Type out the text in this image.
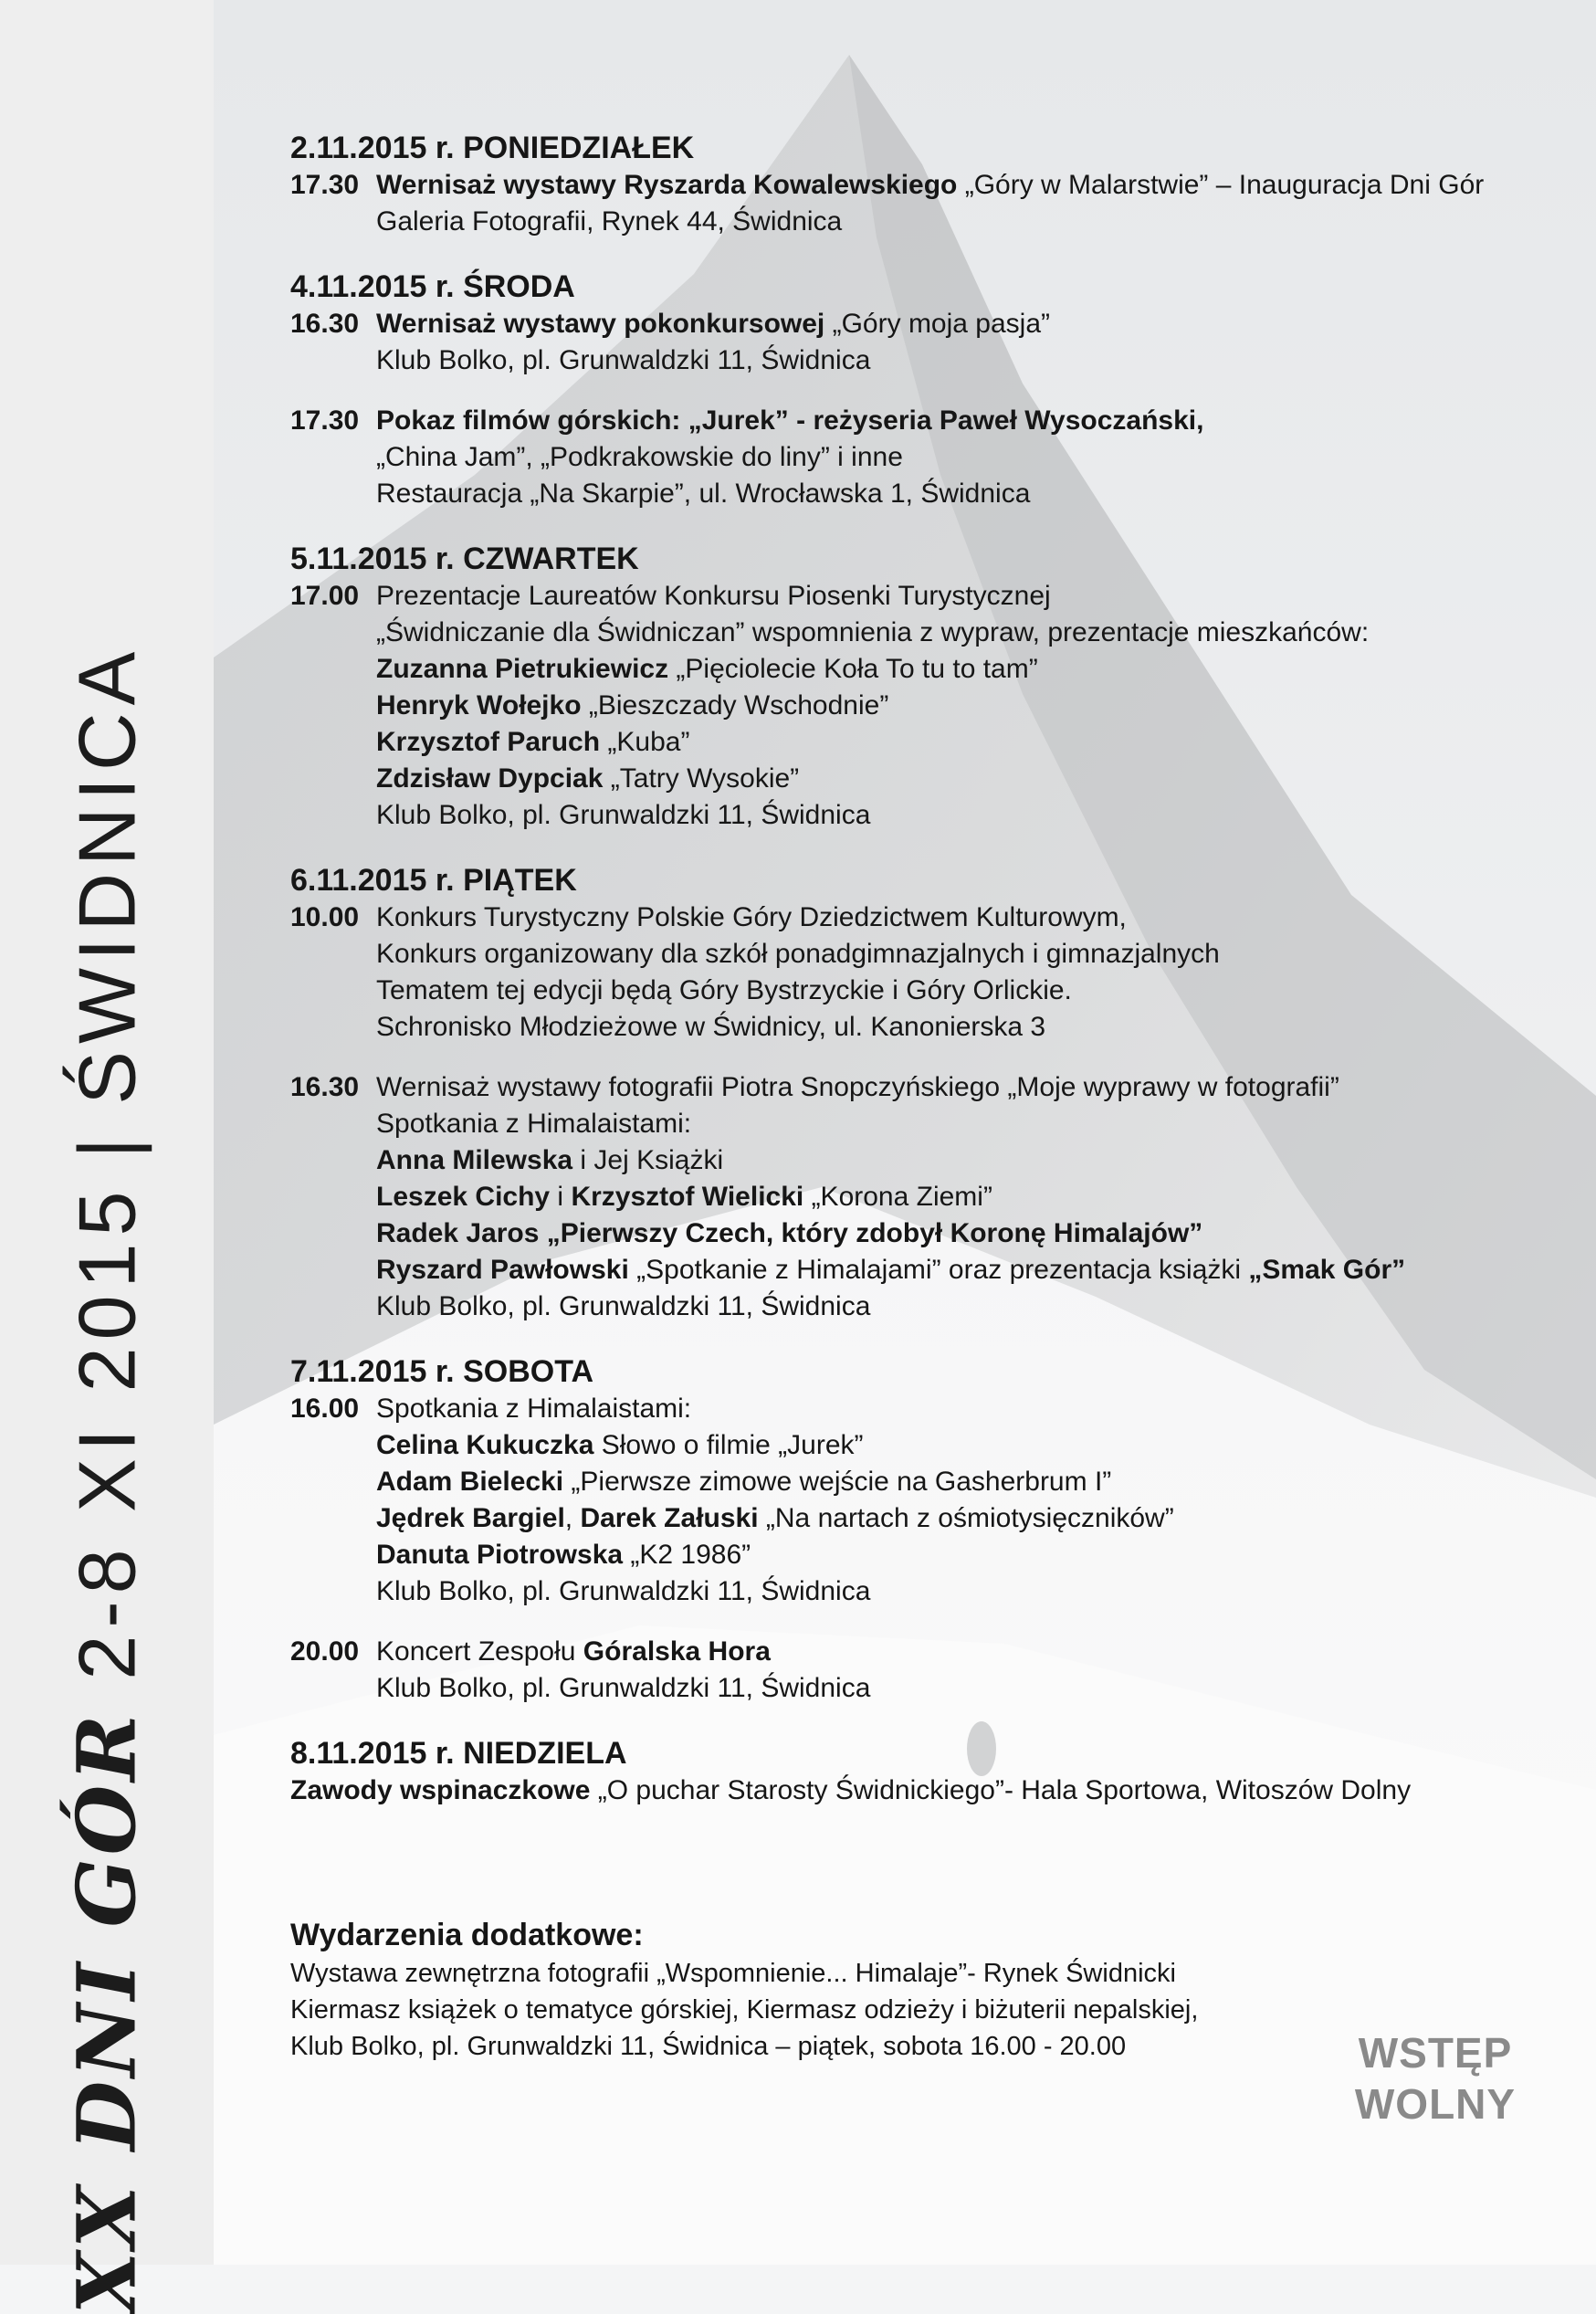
XX DNI GÓR2-8 XI 2015|ŚWIDNICA
2.11.2015 r. PONIEDZIAŁEK
17.30 Wernisaż wystawy Ryszarda Kowalewskiego „Góry w Malarstwie” – Inauguracja Dni Gór
Galeria Fotografii, Rynek 44, Świdnica
4.11.2015 r. ŚRODA
16.30 Wernisaż wystawy pokonkursowej „Góry moja pasja”
Klub Bolko, pl. Grunwaldzki 11, Świdnica
17.30 Pokaz filmów górskich: „Jurek” - reżyseria Paweł Wysoczański,
„China Jam”, „Podkrakowskie do liny” i inne
Restauracja „Na Skarpie”, ul. Wrocławska 1, Świdnica
5.11.2015 r. CZWARTEK
17.00 Prezentacje Laureatów Konkursu Piosenki Turystycznej
„Świdniczanie dla Świdniczan” wspomnienia z wypraw, prezentacje mieszkańców:
Zuzanna Pietrukiewicz „Pięciolecie Koła To tu to tam”
Henryk Wołejko „Bieszczady Wschodnie”
Krzysztof Paruch „Kuba”
Zdzisław Dypciak „Tatry Wysokie”
Klub Bolko, pl. Grunwaldzki 11, Świdnica
6.11.2015 r. PIĄTEK
10.00 Konkurs Turystyczny Polskie Góry Dziedzictwem Kulturowym,
Konkurs organizowany dla szkół ponadgimnazjalnych i gimnazjalnych
Tematem tej edycji będą Góry Bystrzyckie i Góry Orlickie.
Schronisko Młodzieżowe w Świdnicy, ul. Kanonierska 3
16.30 Wernisaż wystawy fotografii Piotra Snopczyńskiego „Moje wyprawy w fotografii”
Spotkania z Himalaistami:
Anna Milewska i Jej Książki
Leszek Cichy i Krzysztof Wielicki „Korona Ziemi”
Radek Jaros „Pierwszy Czech, który zdobył Koronę Himalajów”
Ryszard Pawłowski „Spotkanie z Himalajami” oraz prezentacja książki „Smak Gór”
Klub Bolko, pl. Grunwaldzki 11, Świdnica
7.11.2015 r. SOBOTA
16.00 Spotkania z Himalaistami:
Celina Kukuczka Słowo o filmie „Jurek”
Adam Bielecki „Pierwsze zimowe wejście na Gasherbrum I”
Jędrek Bargiel, Darek Załuski „Na nartach z ośmiotysięczników”
Danuta Piotrowska „K2 1986”
Klub Bolko, pl. Grunwaldzki 11, Świdnica
20.00 Koncert Zespołu Góralska Hora
Klub Bolko, pl. Grunwaldzki 11, Świdnica
8.11.2015 r. NIEDZIELA
Zawody wspinaczkowe „O puchar Starosty Świdnickiego”- Hala Sportowa, Witoszów Dolny
Wydarzenia dodatkowe:
Wystawa zewnętrzna fotografii „Wspomnienie... Himalaje”- Rynek Świdnicki
Kiermasz książek o tematyce górskiej, Kiermasz odzieży i biżuterii nepalskiej,
Klub Bolko, pl. Grunwaldzki 11, Świdnica – piątek, sobota 16.00 - 20.00	WSTĘP
WOLNY
